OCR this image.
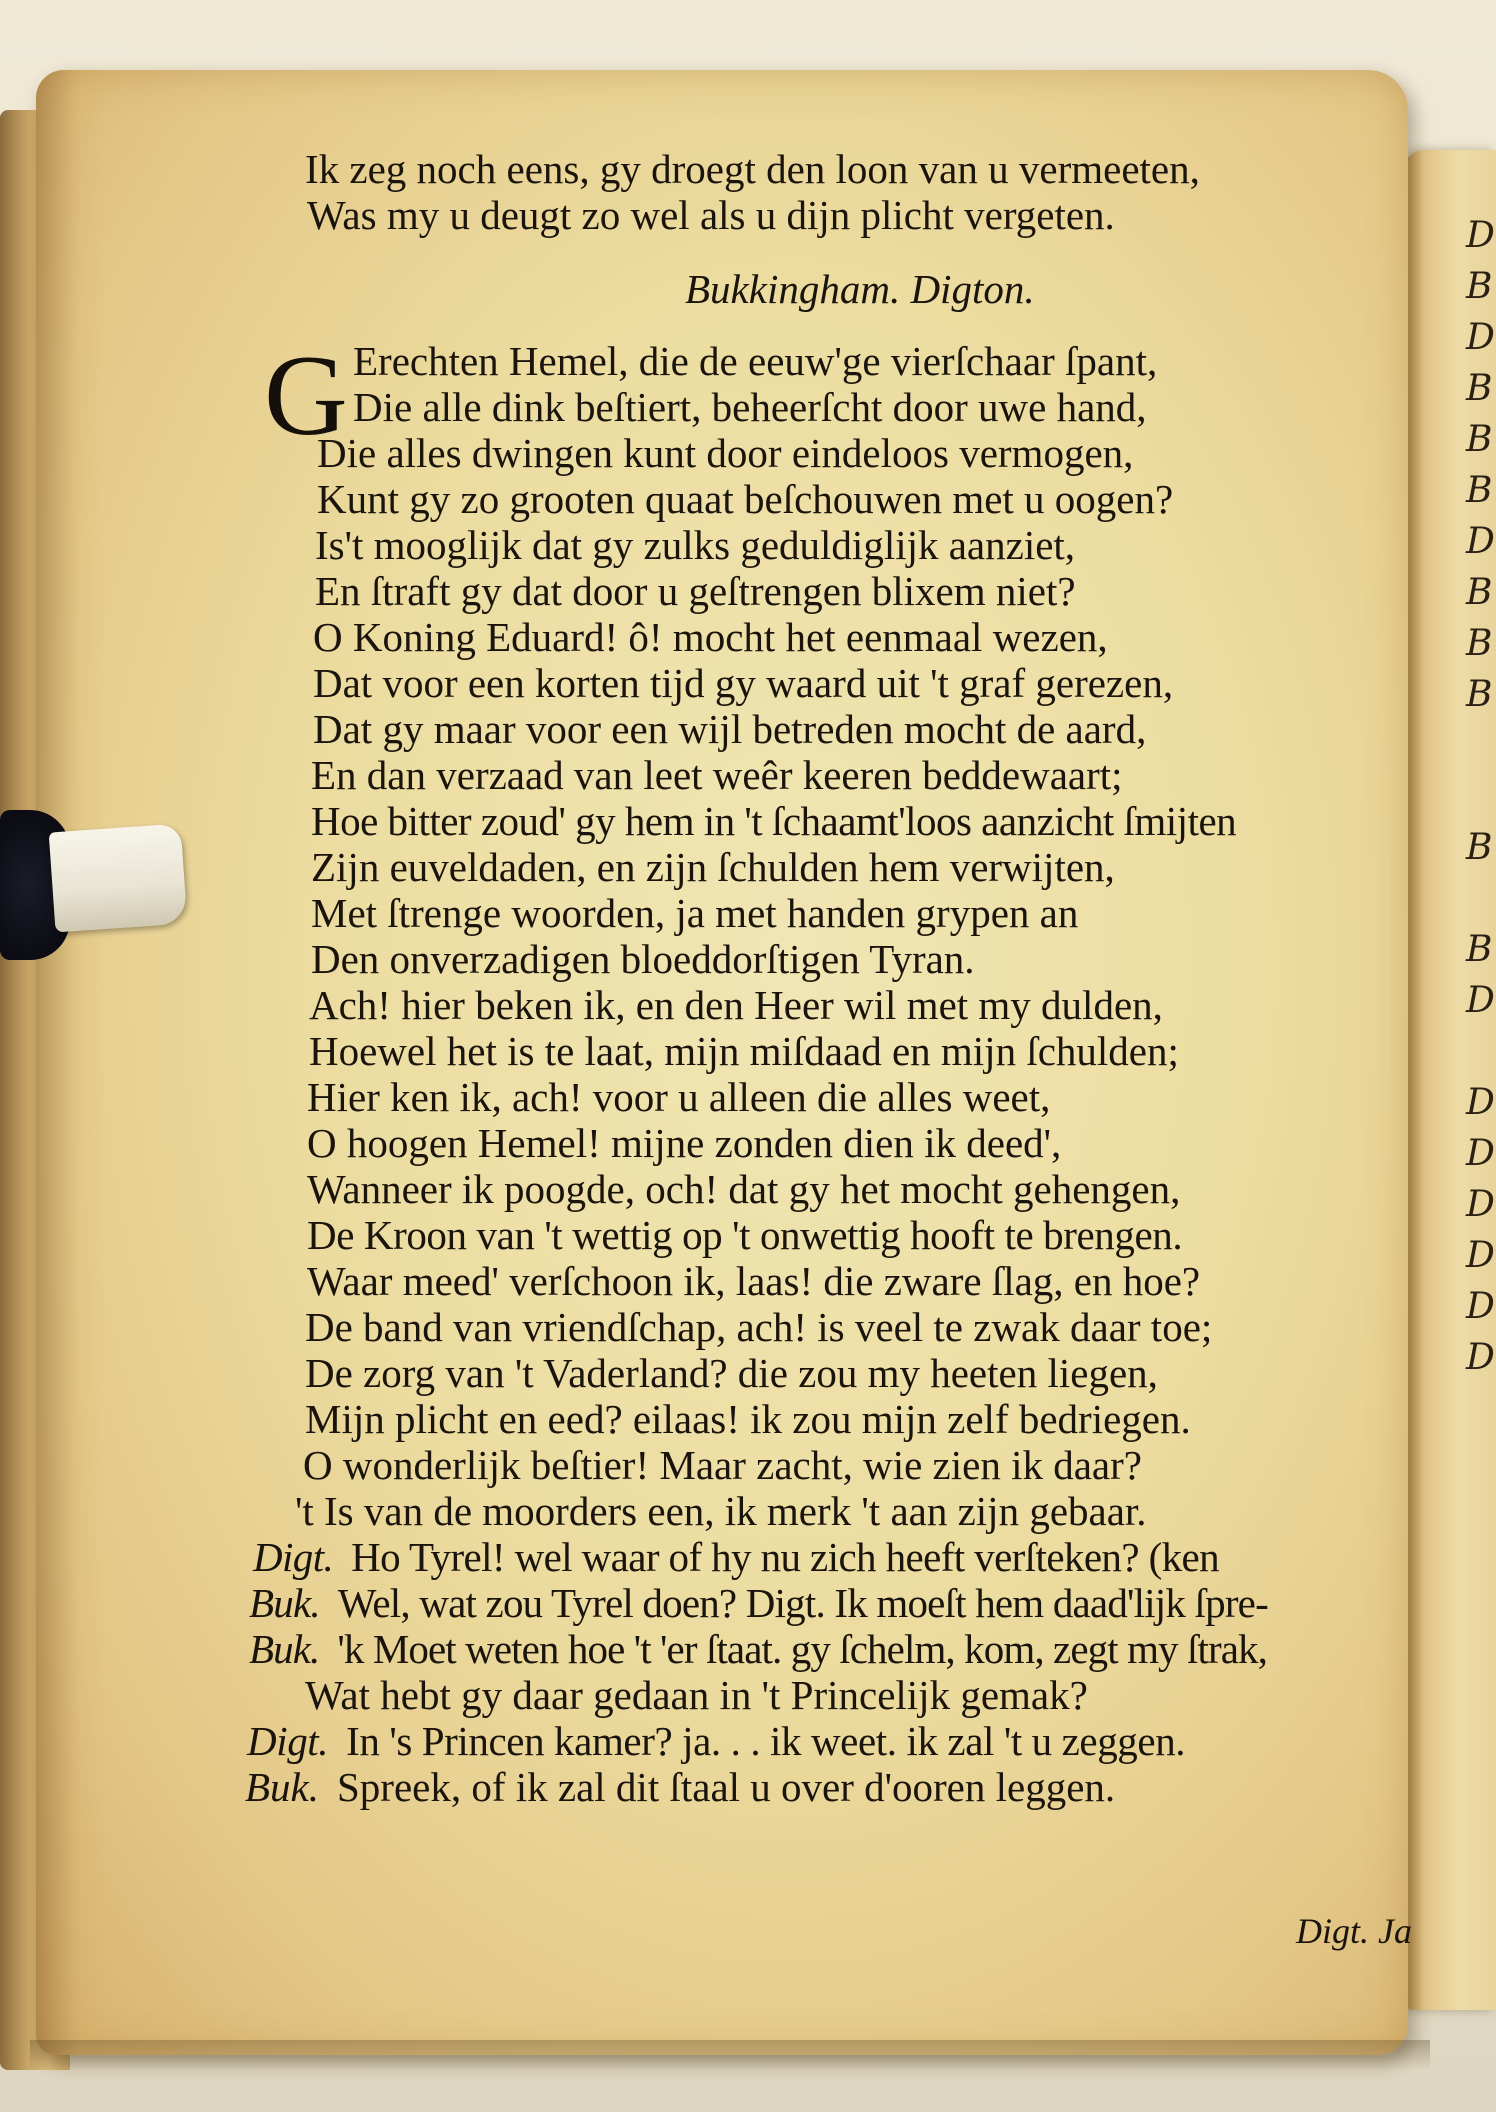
D
B
D
B
B
B
D
B
B
B

B

B
D

D
D
D
D
D
D
Ik zeg noch eens, gy droegt den loon van u vermeeten,
Was my u deugt zo wel als u dijn plicht vergeten.
Bukkingham. Digton.
Erechten Hemel, die de eeuw'ge vierſchaar ſpant,
Die alle dink beſtiert, beheerſcht door uwe hand,
Die alles dwingen kunt door eindeloos vermogen,
Kunt gy zo grooten quaat beſchouwen met u oogen?
Is't mooglijk dat gy zulks geduldiglijk aanziet,
En ſtraft gy dat door u geſtrengen blixem niet?
O Koning Eduard! ô! mocht het eenmaal wezen,
Dat voor een korten tijd gy waard uit 't graf gerezen,
Dat gy maar voor een wijl betreden mocht de aard,
En dan verzaad van leet weêr keeren beddewaart;
Hoe bitter zoud' gy hem in 't ſchaamt'loos aanzicht ſmijten
Zijn euveldaden, en zijn ſchulden hem verwijten,
Met ſtrenge woorden, ja met handen grypen an
Den onverzadigen bloeddorſtigen Tyran.
Ach! hier beken ik, en den Heer wil met my dulden,
Hoewel het is te laat, mijn miſdaad en mijn ſchulden;
Hier ken ik, ach! voor u alleen die alles weet,
O hoogen Hemel! mijne zonden dien ik deed',
Wanneer ik poogde, och! dat gy het mocht gehengen,
De Kroon van 't wettig op 't onwettig hooft te brengen.
Waar meed' verſchoon ik, laas! die zware ſlag, en hoe?
De band van vriendſchap, ach! is veel te zwak daar toe;
De zorg van 't Vaderland? die zou my heeten liegen,
Mijn plicht en eed? eilaas! ik zou mijn zelf bedriegen.
O wonderlijk beſtier! Maar zacht, wie zien ik daar?
't Is van de moorders een, ik merk 't aan zijn gebaar.
Digt. Ho Tyrel! wel waar of hy nu zich heeft verſteken? (ken
Buk. Wel, wat zou Tyrel doen? Digt. Ik moeſt hem daad'lijk ſpre-
Buk. 'k Moet weten hoe 't 'er ſtaat. gy ſchelm, kom, zegt my ſtrak,
Wat hebt gy daar gedaan in 't Princelijk gemak?
Digt. In 's Princen kamer? ja. . . ik weet. ik zal 't u zeggen.
Buk. Spreek, of ik zal dit ſtaal u over d'ooren leggen.
G
Digt. Ja
